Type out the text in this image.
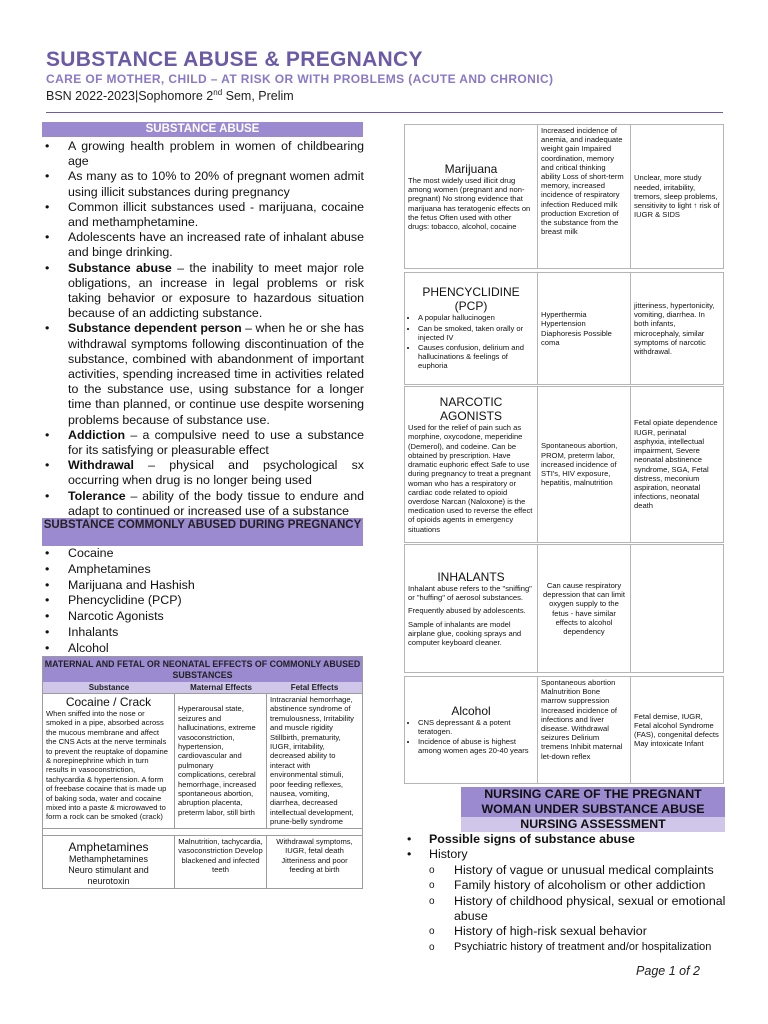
SUBSTANCE ABUSE & PREGNANCY
CARE OF MOTHER, CHILD – AT RISK OR WITH PROBLEMS (ACUTE AND CHRONIC)
BSN 2022-2023|Sophomore 2nd Sem, Prelim
SUBSTANCE ABUSE
• A growing health problem in women of childbearing age
• As many as to 10% to 20% of pregnant women admit using illicit substances during pregnancy
• Common illicit substances used - marijuana, cocaine and methamphetamine.
• Adolescents have an increased rate of inhalant abuse and binge drinking.
• Substance abuse – the inability to meet major role obligations, an increase in legal problems or risk taking behavior or exposure to hazardous situation because of an addicting substance.
• Substance dependent person – when he or she has withdrawal symptoms following discontinuation of the substance, combined with abandonment of important activities, spending increased time in activities related to the substance use, using substance for a longer time than planned, or continue use despite worsening problems because of substance use.
• Addiction – a compulsive need to use a substance for its satisfying or pleasurable effect
• Withdrawal – physical and psychological sx occurring when drug is no longer being used
• Tolerance – ability of the body tissue to endure and adapt to continued or increased use of a substance
SUBSTANCE COMMONLY ABUSED DURING PREGNANCY
• Cocaine
• Amphetamines
• Marijuana and Hashish
• Phencyclidine (PCP)
• Narcotic Agonists
• Inhalants
• Alcohol
MATERNAL AND FETAL OR NEONATAL EFFECTS OF COMMONLY ABUSED SUBSTANCES
Substance	Maternal Effects	Fetal Effects
Cocaine / Crack
When sniffed into the nose or smoked in a pipe, absorbed across the mucous membrane and affect the CNS Acts at the nerve terminals to prevent the reuptake of dopamine & norepinephrine which in turn results in vasoconstriction, tachycardia & hypertension. A form of freebase cocaine that is made up of baking soda, water and cocaine mixed into a paste & microwaved to form a rock can be smoked (crack)
Hyperarousal state, seizures and hallucinations, extreme vasoconstriction, hypertension, cardiovascular and pulmonary complications, cerebral hemorrhage, increased spontaneous abortion, abruption placenta, preterm labor, still birth
Intracranial hemorrhage, abstinence syndrome of tremulousness, Irritability and muscle rigidity Stillbirth, prematurity, IUGR, irritability, decreased ability to interact with environmental stimuli, poor feeding reflexes, nausea, vomiting, diarrhea, decreased intellectual development, prune-belly syndrome
Amphetamines
Methamphetamines
Neuro stimulant and neurotoxin
Malnutrition, tachycardia, vasoconstriction Develop blackened and infected teeth
Withdrawal symptoms, IUGR, fetal death Jitteriness and poor feeding at birth
Marijuana
The most widely used illicit drug among women (pregnant and non-pregnant) No strong evidence that marijuana has teratogenic effects on the fetus Often used with other drugs: tobacco, alcohol, cocaine
Increased incidence of anemia, and inadequate weight gain Impaired coordination, memory and critical thinking ability Loss of short-term memory, increased incidence of respiratory infection Reduced milk production Excretion of the substance from the breast milk
Unclear, more study needed, irritability, tremors, sleep problems, sensitivity to light ↑ risk of IUGR & SIDS
PHENCYCLIDINE (PCP)
• A popular hallucinogen
• Can be smoked, taken orally or injected IV
• Causes confusion, delirium and hallucinations & feelings of euphoria
Hyperthermia Hypertension Diaphoresis Possible coma
jitteriness, hypertonicity, vomiting, diarrhea. In both infants, microcephaly, similar symptoms of narcotic withdrawal.
NARCOTIC AGONISTS
Used for the relief of pain such as morphine, oxycodone, meperidine (Demerol), and codeine. Can be obtained by prescription. Have dramatic euphoric effect Safe to use during pregnancy to treat a pregnant woman who has a respiratory or cardiac code related to opioid overdose Narcan (Naloxone) is the medication used to reverse the effect of opioids agents in emergency situations
Spontaneous abortion, PROM, preterm labor, increased incidence of STI's, HIV exposure, hepatitis, malnutrition
Fetal opiate dependence IUGR, perinatal asphyxia, intellectual impairment, Severe neonatal abstinence syndrome, SGA, Fetal distress, meconium aspiration, neonatal infections, neonatal death
INHALANTS
Inhalant abuse refers to the "sniffing" or "huffing" of aerosol substances.
Frequently abused by adolescents.
Sample of inhalants are model airplane glue, cooking sprays and computer keyboard cleaner.
Can cause respiratory depression that can limit oxygen supply to the fetus - have similar effects to alcohol dependency
Alcohol
• CNS depressant & a potent teratogen.
• Incidence of abuse is highest among women ages 20-40 years
Spontaneous abortion Malnutrition Bone marrow suppression Increased incidence of infections and liver disease. Withdrawal seizures Delirium tremens Inhibit maternal let-down reflex
Fetal demise, IUGR, Fetal alcohol Syndrome (FAS), congenital defects May intoxicate Infant
NURSING CARE OF THE PREGNANT WOMAN UNDER SUBSTANCE ABUSE
NURSING ASSESSMENT
• Possible signs of substance abuse
• History
o History of vague or unusual medical complaints
o Family history of alcoholism or other addiction
o History of childhood physical, sexual or emotional abuse
o History of high-risk sexual behavior
o Psychiatric history of treatment and/or hospitalization
Page 1 of 2
